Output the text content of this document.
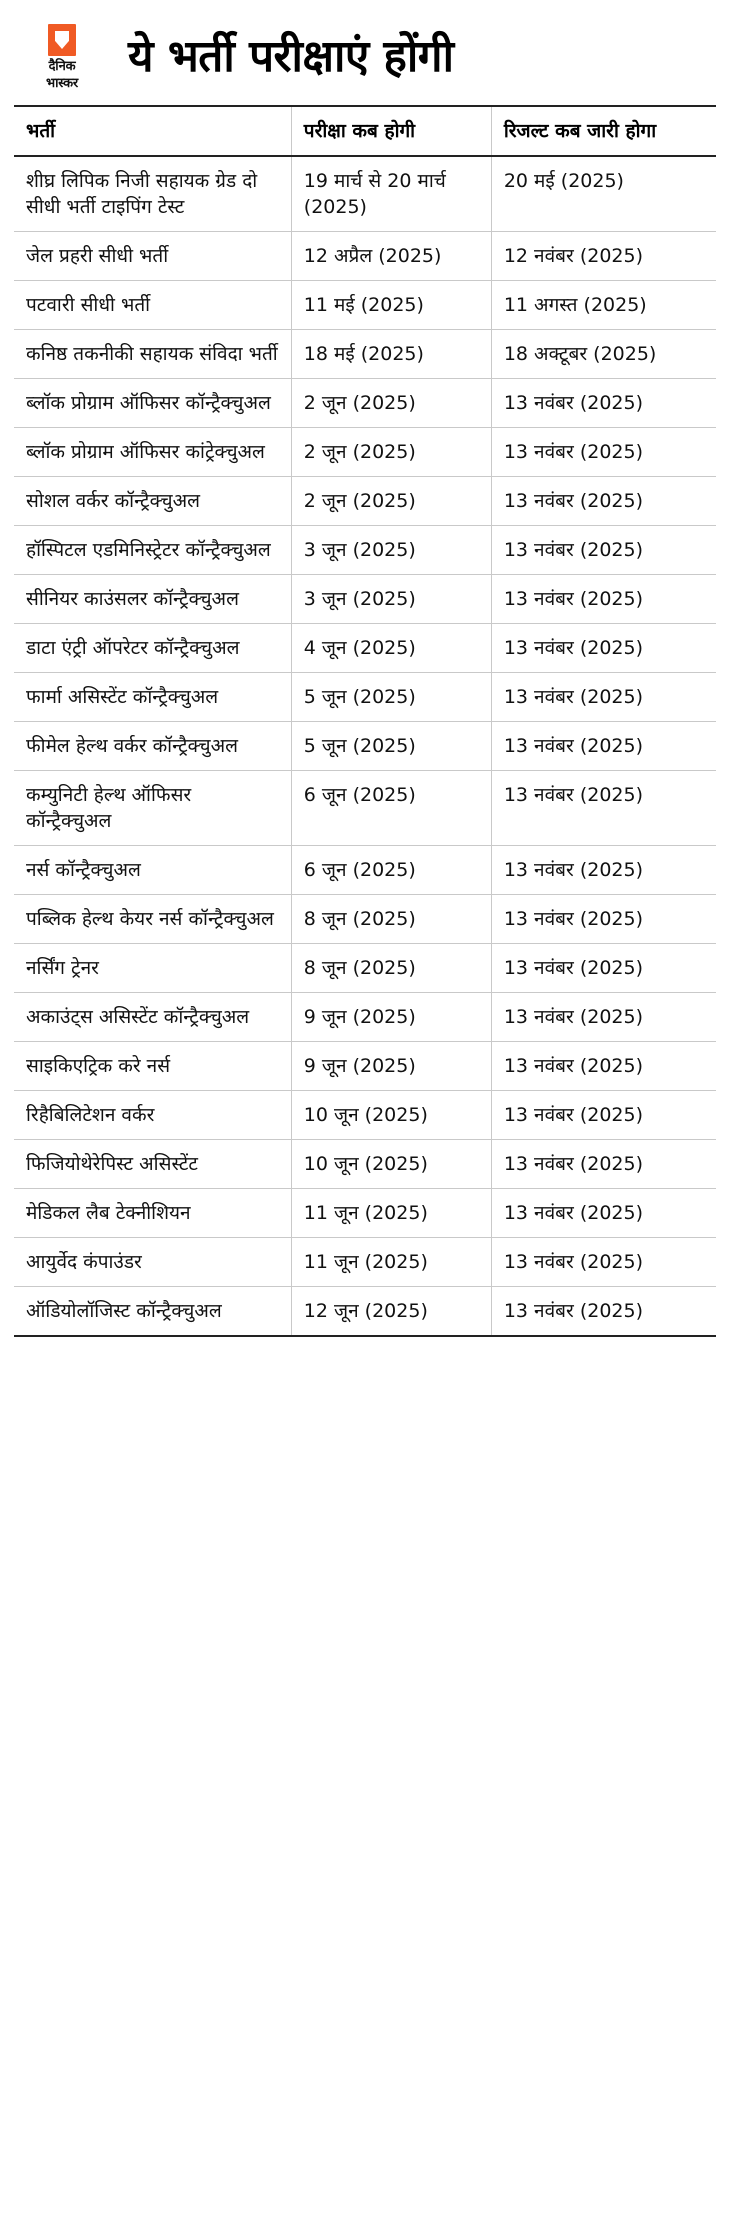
दैनिक
भास्कर
ये भर्ती परीक्षाएं होंगी
भर्ती	परीक्षा कब होगी	रिजल्ट कब जारी होगा
शीघ्र लिपिक निजी सहायक ग्रेड दो सीधी भर्ती टाइपिंग टेस्ट	19 मार्च से 20 मार्च (2025)	20 मई (2025)
जेल प्रहरी सीधी भर्ती	12 अप्रैल (2025)	12 नवंबर (2025)
पटवारी सीधी भर्ती	11 मई (2025)	11 अगस्त (2025)
कनिष्ठ तकनीकी सहायक संविदा भर्ती	18 मई (2025)	18 अक्टूबर (2025)
ब्लॉक प्रोग्राम ऑफिसर कॉन्ट्रैक्चुअल	2 जून (2025)	13 नवंबर (2025)
ब्लॉक प्रोग्राम ऑफिसर कांट्रेक्चुअल	2 जून (2025)	13 नवंबर (2025)
सोशल वर्कर कॉन्ट्रैक्चुअल	2 जून (2025)	13 नवंबर (2025)
हॉस्पिटल एडमिनिस्ट्रेटर कॉन्ट्रैक्चुअल	3 जून (2025)	13 नवंबर (2025)
सीनियर काउंसलर कॉन्ट्रैक्चुअल	3 जून (2025)	13 नवंबर (2025)
डाटा एंट्री ऑपरेटर कॉन्ट्रैक्चुअल	4 जून (2025)	13 नवंबर (2025)
फार्मा असिस्टेंट कॉन्ट्रैक्चुअल	5 जून (2025)	13 नवंबर (2025)
फीमेल हेल्थ वर्कर कॉन्ट्रैक्चुअल	5 जून (2025)	13 नवंबर (2025)
कम्युनिटी हेल्थ ऑफिसर कॉन्ट्रैक्चुअल	6 जून (2025)	13 नवंबर (2025)
नर्स कॉन्ट्रैक्चुअल	6 जून (2025)	13 नवंबर (2025)
पब्लिक हेल्थ केयर नर्स कॉन्ट्रैक्चुअल	8 जून (2025)	13 नवंबर (2025)
नर्सिंग ट्रेनर	8 जून (2025)	13 नवंबर (2025)
अकाउंट्स असिस्टेंट कॉन्ट्रैक्चुअल	9 जून (2025)	13 नवंबर (2025)
साइकिएट्रिक करे नर्स	9 जून (2025)	13 नवंबर (2025)
रिहैबिलिटेशन वर्कर	10 जून (2025)	13 नवंबर (2025)
फिजियोथेरेपिस्ट असिस्टेंट	10 जून (2025)	13 नवंबर (2025)
मेडिकल लैब टेक्नीशियन	11 जून (2025)	13 नवंबर (2025)
आयुर्वेद कंपाउंडर	11 जून (2025)	13 नवंबर (2025)
ऑडियोलॉजिस्ट कॉन्ट्रैक्चुअल	12 जून (2025)	13 नवंबर (2025)
